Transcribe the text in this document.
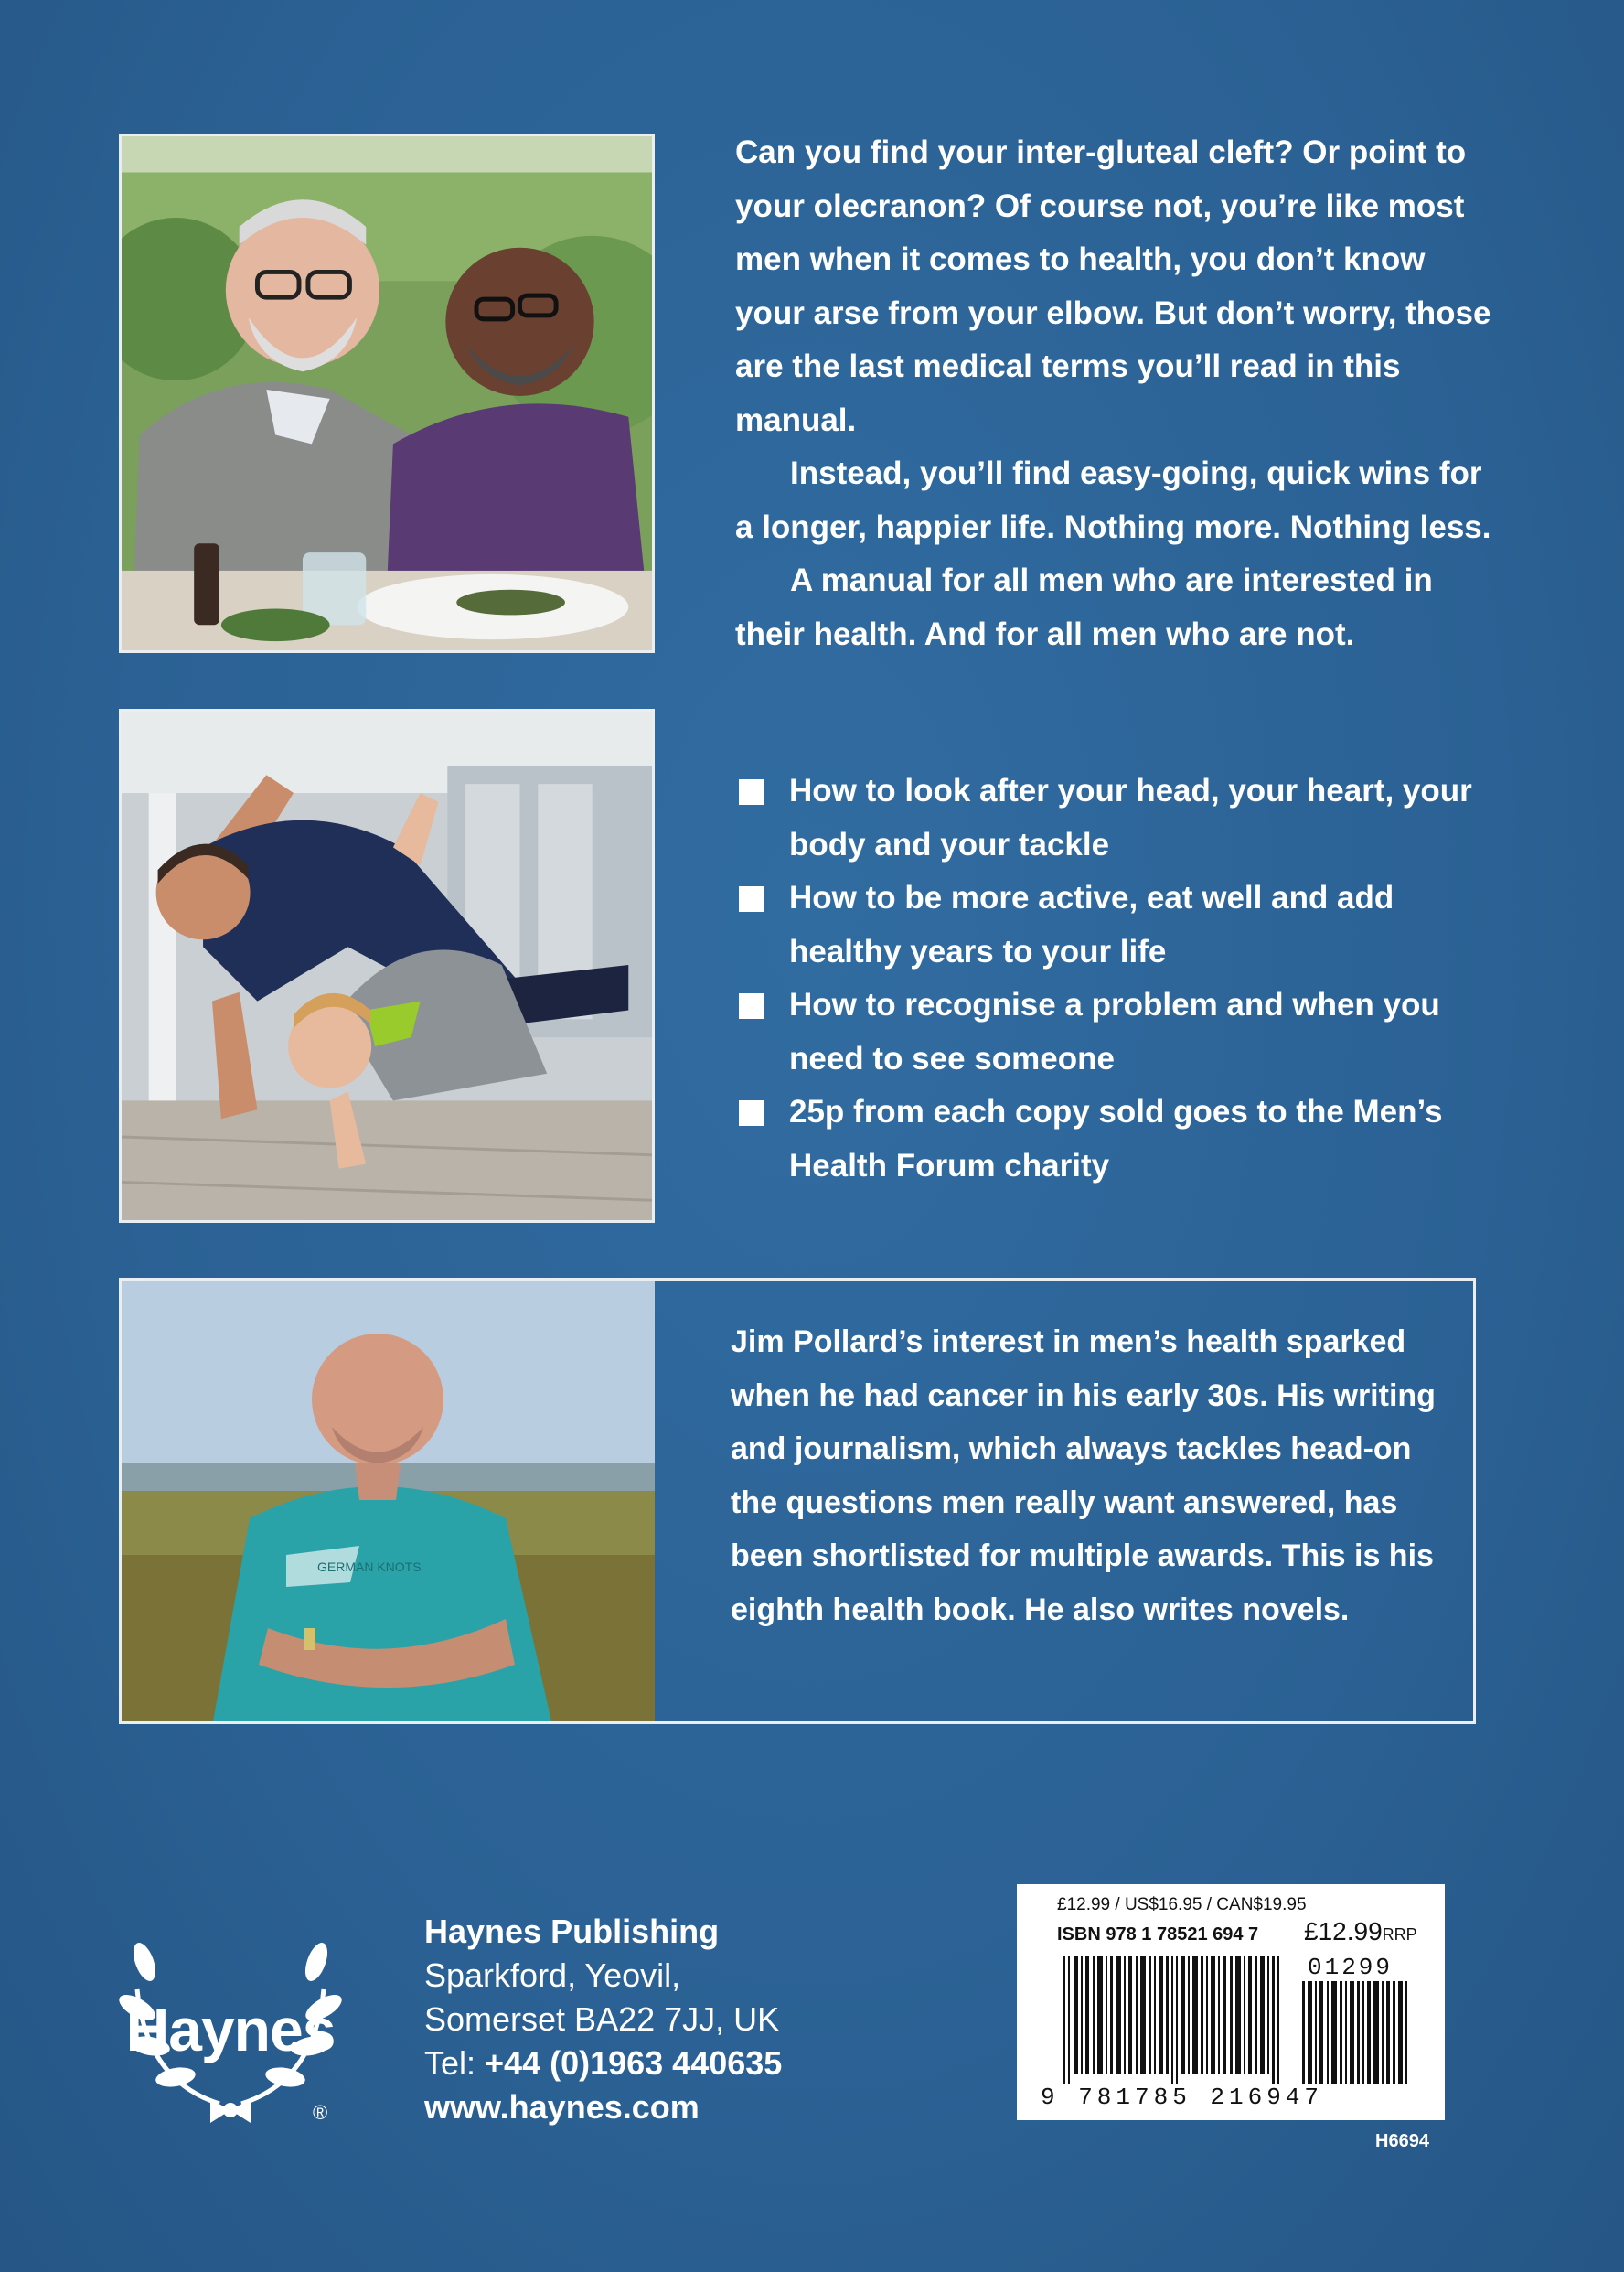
Can you find your inter-gluteal cleft? Or point to your olecranon? Of course not, you’re like most men when it comes to health, you don’t know your arse from your elbow. But don’t worry, those are the last medical terms you’ll read in this manual.

Instead, you’ll find easy-going, quick wins for a longer, happier life. Nothing more. Nothing less.

A manual for all men who are interested in their health. And for all men who are not.

How to look after your head, your heart, your body and your tackle
How to be more active, eat well and add healthy years to your life
How to recognise a problem and when you need to see someone
25p from each copy sold goes to the Men’s Health Forum charity
GERMAN KNOTS
Jim Pollard’s interest in men’s health sparked when he had cancer in his early 30s. His writing and journalism, which always tackles head-on the questions men really want answered, has been shortlisted for multiple awards. This is his eighth health book. He also writes novels.
Haynes
®
Haynes Publishing
Sparkford, Yeovil,
Somerset BA22 7JJ, UK
Tel: +44 (0)1963 440635
www.haynes.com
£12.99 / US$16.95 / CAN$19.95
ISBN 978 1 78521 694 7 £12.99RRP
01299
9 781785 216947
H6694
